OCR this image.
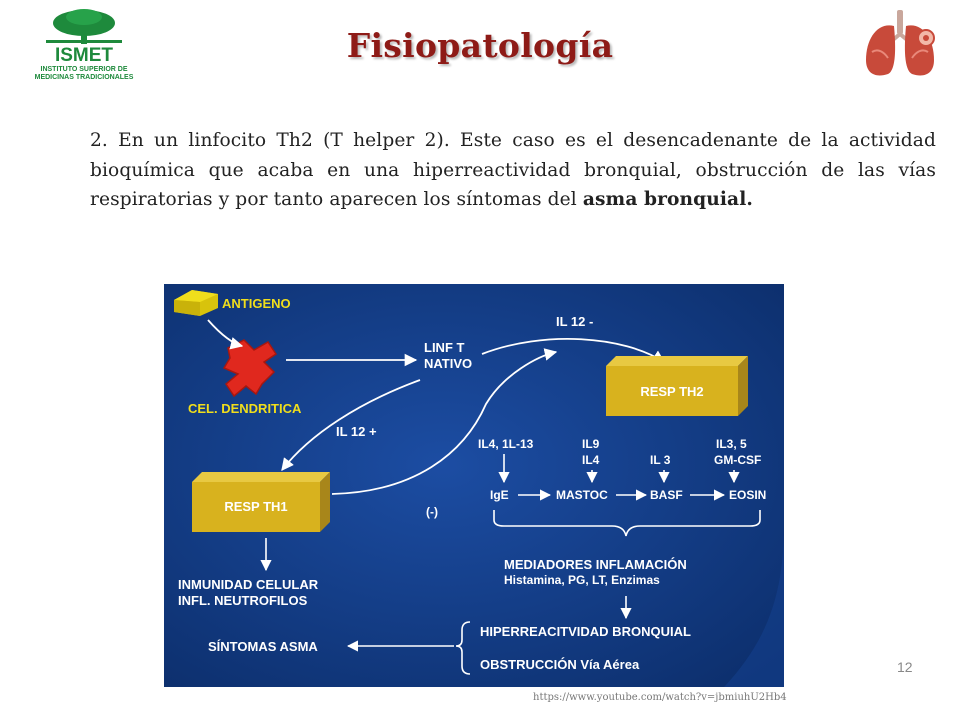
ISMET
INSTITUTO SUPERIOR DE
MEDICINAS TRADICIONALES
Fisiopatología

2. En un linfocito Th2 (T helper 2). Este caso es el desencadenante de la actividad bioquímica que acaba en una hiperreactividad bronquial, obstrucción de las vías respiratorias y por tanto aparecen los síntomas del asma bronquial.

ANTIGENO
CEL. DENDRITICA
LINF T
NATIVO
IL 12 -
IL 12 +
(-)
RESP TH2
RESP TH1
IL4, 1L-13	IL9
IL4	IL 3
IL3, 5
GM-CSF
IgE	MASTOC	BASF	EOSIN
MEDIADORES INFLAMACIÓN
Histamina, PG, LT, Enzimas
INMUNIDAD CELULAR
INFL. NEUTROFILOS
SÍNTOMAS ASMA
HIPERREACITVIDAD BRONQUIAL
OBSTRUCCIÓN Vía Aérea
https://www.youtube.com/watch?v=jbmiuhU2Hb4
12
